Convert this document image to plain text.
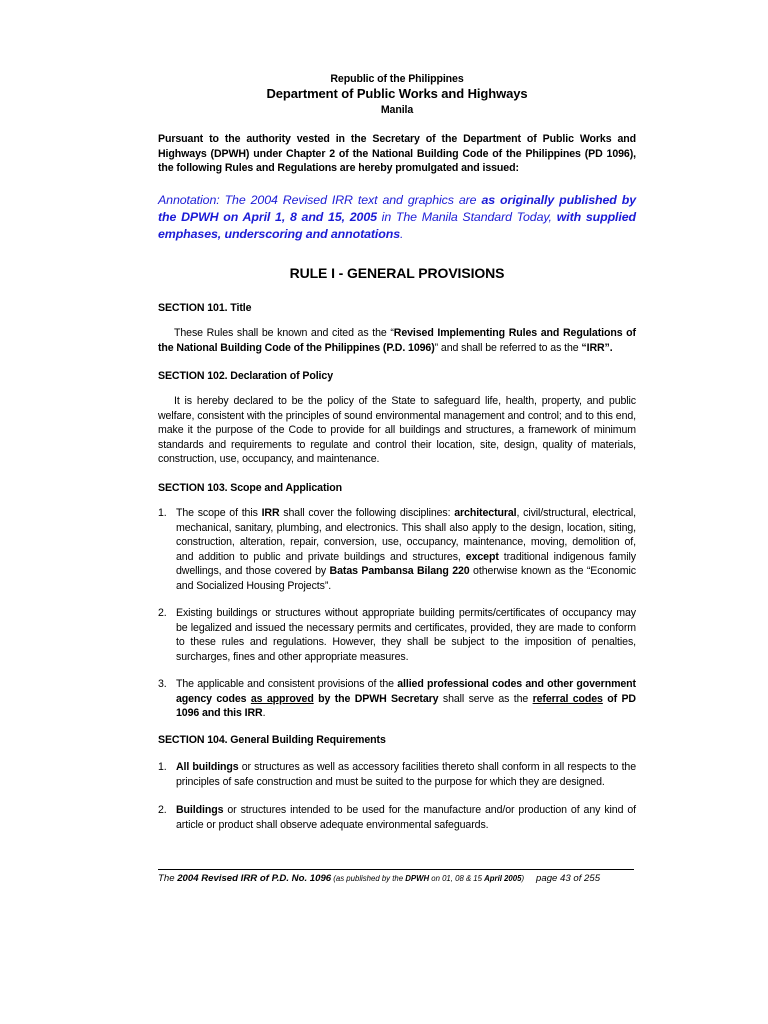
Republic of the Philippines
Department of Public Works and Highways
Manila
Pursuant to the authority vested in the Secretary of the Department of Public Works and Highways (DPWH) under Chapter 2 of the National Building Code of the Philippines (PD 1096), the following Rules and Regulations are hereby promulgated and issued:
Annotation: The 2004 Revised IRR text and graphics are as originally published by the DPWH on April 1, 8 and 15, 2005 in The Manila Standard Today, with supplied emphases, underscoring and annotations.
RULE I - GENERAL PROVISIONS
SECTION 101. Title
These Rules shall be known and cited as the “Revised Implementing Rules and Regulations of the National Building Code of the Philippines (P.D. 1096)” and shall be referred to as the “IRR”.
SECTION 102. Declaration of Policy
It is hereby declared to be the policy of the State to safeguard life, health, property, and public welfare, consistent with the principles of sound environmental management and control; and to this end, make it the purpose of the Code to provide for all buildings and structures, a framework of minimum standards and requirements to regulate and control their location, site, design, quality of materials, construction, use, occupancy, and maintenance.
SECTION 103. Scope and Application
1. The scope of this IRR shall cover the following disciplines: architectural, civil/structural, electrical, mechanical, sanitary, plumbing, and electronics. This shall also apply to the design, location, siting, construction, alteration, repair, conversion, use, occupancy, maintenance, moving, demolition of, and addition to public and private buildings and structures, except traditional indigenous family dwellings, and those covered by Batas Pambansa Bilang 220 otherwise known as the “Economic and Socialized Housing Projects”.
2. Existing buildings or structures without appropriate building permits/certificates of occupancy may be legalized and issued the necessary permits and certificates, provided, they are made to conform to these rules and regulations. However, they shall be subject to the imposition of penalties, surcharges, fines and other appropriate measures.
3. The applicable and consistent provisions of the allied professional codes and other government agency codes as approved by the DPWH Secretary shall serve as the referral codes of PD 1096 and this IRR.
SECTION 104. General Building Requirements
1. All buildings or structures as well as accessory facilities thereto shall conform in all respects to the principles of safe construction and must be suited to the purpose for which they are designed.
2. Buildings or structures intended to be used for the manufacture and/or production of any kind of article or product shall observe adequate environmental safeguards.
The 2004 Revised IRR of P.D. No. 1096 (as published by the DPWH on 01, 08 & 15 April 2005) page 43 of 255
